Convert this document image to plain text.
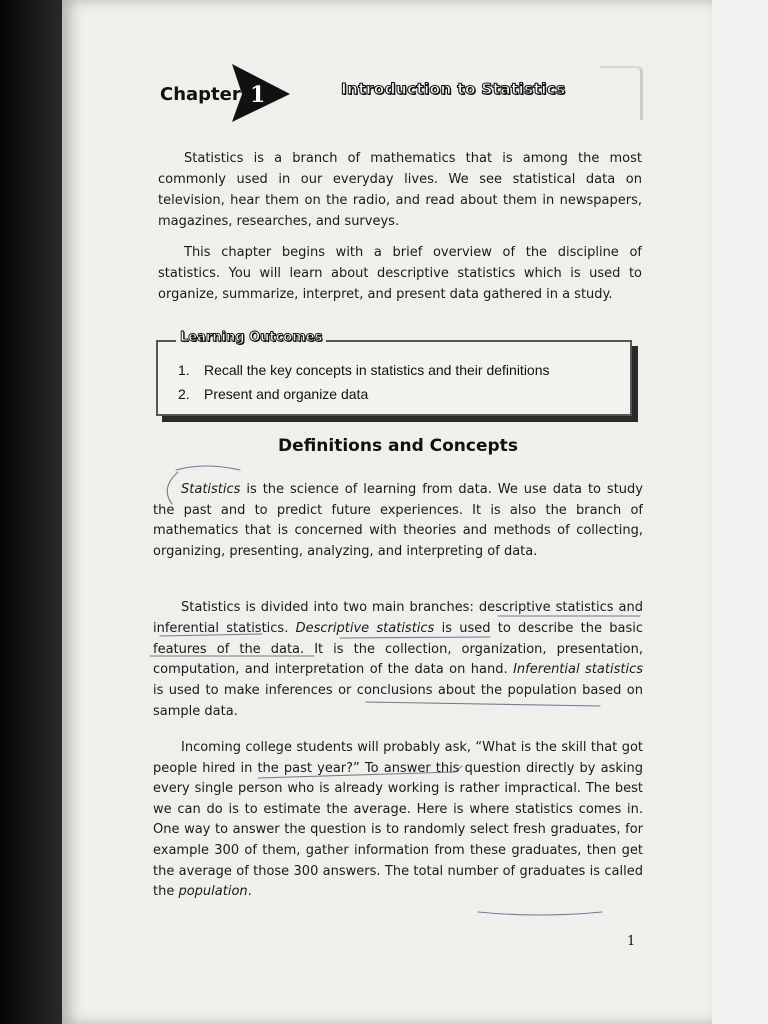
Chapter 1	Introduction to Statistics

Statistics is a branch of mathematics that is among the most commonly used in our everyday lives. We see statistical data on television, hear them on the radio, and read about them in newspapers, magazines, researches, and surveys.

This chapter begins with a brief overview of the discipline of statistics. You will learn about descriptive statistics which is used to organize, summarize, interpret, and present data gathered in a study.

Learning Outcomes
1. Recall the key concepts in statistics and their definitions
2. Present and organize data
Definitions and Concepts

Statistics is the science of learning from data. We use data to study the past and to predict future experiences. It is also the branch of mathematics that is concerned with theories and methods of collecting, organizing, presenting, analyzing, and interpreting of data.

Statistics is divided into two main branches: descriptive statistics and inferential statistics. Descriptive statistics is used to describe the basic features of the data. It is the collection, organization, presentation, computation, and interpretation of the data on hand. Inferential statistics is used to make inferences or conclusions about the population based on sample data.

Incoming college students will probably ask, “What is the skill that got people hired in the past year?” To answer this question directly by asking every single person who is already working is rather impractical. The best we can do is to estimate the average. Here is where statistics comes in. One way to answer the question is to randomly select fresh graduates, for example 300 of them, gather information from these graduates, then get the average of those 300 answers. The total number of graduates is called the population.

1
